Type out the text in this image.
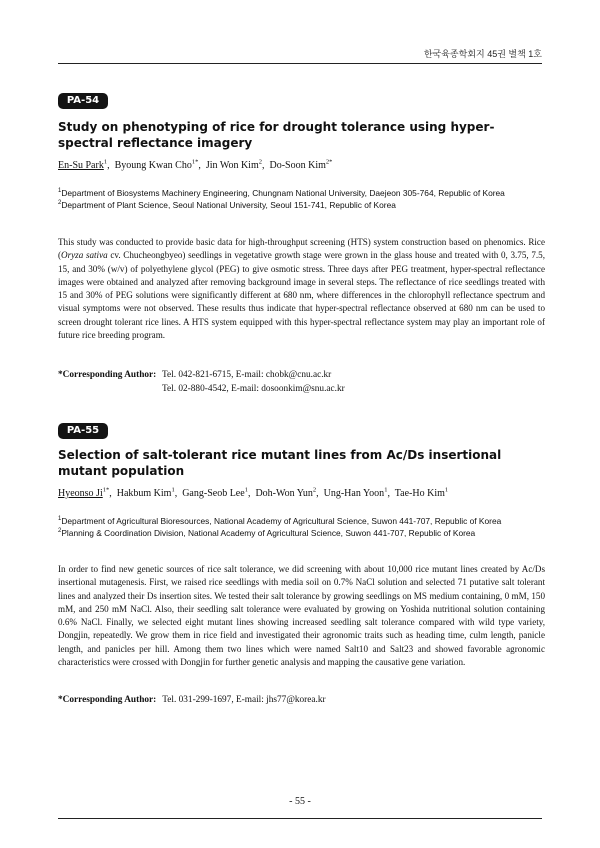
한국육종학회지 45권 별책 1호
PA-54
Study on phenotyping of rice for drought tolerance using hyper-spectral reflectance imagery
En-Su Park$^1$,  Byoung Kwan Cho$^{1*}$,  Jin Won Kim$^2$,  Do-Soon Kim$^{2*}$
$^1$Department of Biosystems Machinery Engineering, Chungnam National University, Daejeon 305-764, Republic of Korea
$^2$Department of Plant Science, Seoul National University, Seoul 151-741, Republic of Korea

This study was conducted to provide basic data for high-throughput screening (HTS) system construction based on phenomics. Rice (Oryza sativa cv. Chucheongbyeo) seedlings in vegetative growth stage were grown in the glass house and treated with 0, 3.75, 7.5, 15, and 30% (w/v) of polyethylene glycol (PEG) to give osmotic stress. Three days after PEG treatment, hyper-spectral reflectance images were obtained and analyzed after removing background image in several steps. The reflectance of rice seedlings treated with 15 and 30% of PEG solutions were significantly different at 680 nm, where differences in the chlorophyll reflectance spectrum and visual symptoms were not observed. These results thus indicate that hyper-spectral reflectance observed at 680 nm can be used to screen drought tolerant rice lines. A HTS system equipped with this hyper-spectral reflectance system may play an important role of future rice breeding program.

*Corresponding Author: Tel. 042-821-6715, E-mail: chobk@cnu.ac.kr
Tel. 02-880-4542, E-mail: dosoonkim@snu.ac.kr
PA-55
Selection of salt-tolerant rice mutant lines from Ac/Ds insertional mutant population
Hyeonso $Ji^{1*}$,  Hakbum Kim$^1$,  Gang-Seob Lee$^1$,  Doh-Won Yun$^2$,  Ung-Han Yoon$^1$,  Tae-Ho Kim$^1$
$^1$Department of Agricultural Bioresources, National Academy of Agricultural Science, Suwon 441-707, Republic of Korea
$^2$Planning & Coordination Division, National Academy of Agricultural Science, Suwon 441-707, Republic of Korea

In order to find new genetic sources of rice salt tolerance, we did screening with about 10,000 rice mutant lines created by Ac/Ds insertional mutagenesis. First, we raised rice seedlings with media soil on 0.7% NaCl solution and selected 71 putative salt tolerant lines and analyzed their Ds insertion sites. We tested their salt tolerance by growing seedlings on MS medium containing, 0 mM, 150 mM, and 250 mM NaCl. Also, their seedling salt tolerance were evaluated by growing on Yoshida nutritional solution containing 0.6% NaCl. Finally, we selected eight mutant lines showing increased seedling salt tolerance compared with wild type variety, Dongjin, repeatedly. We grow them in rice field and investigated their agronomic traits such as heading time, culm length, panicle length, and panicles per hill. Among them two lines which were named Salt10 and Salt23 and showed favorable agronomic characteristics were crossed with Dongjin for further genetic analysis and mapping the causative gene variation.

*Corresponding Author: Tel. 031-299-1697, E-mail: jhs77@korea.kr
- 55 -
